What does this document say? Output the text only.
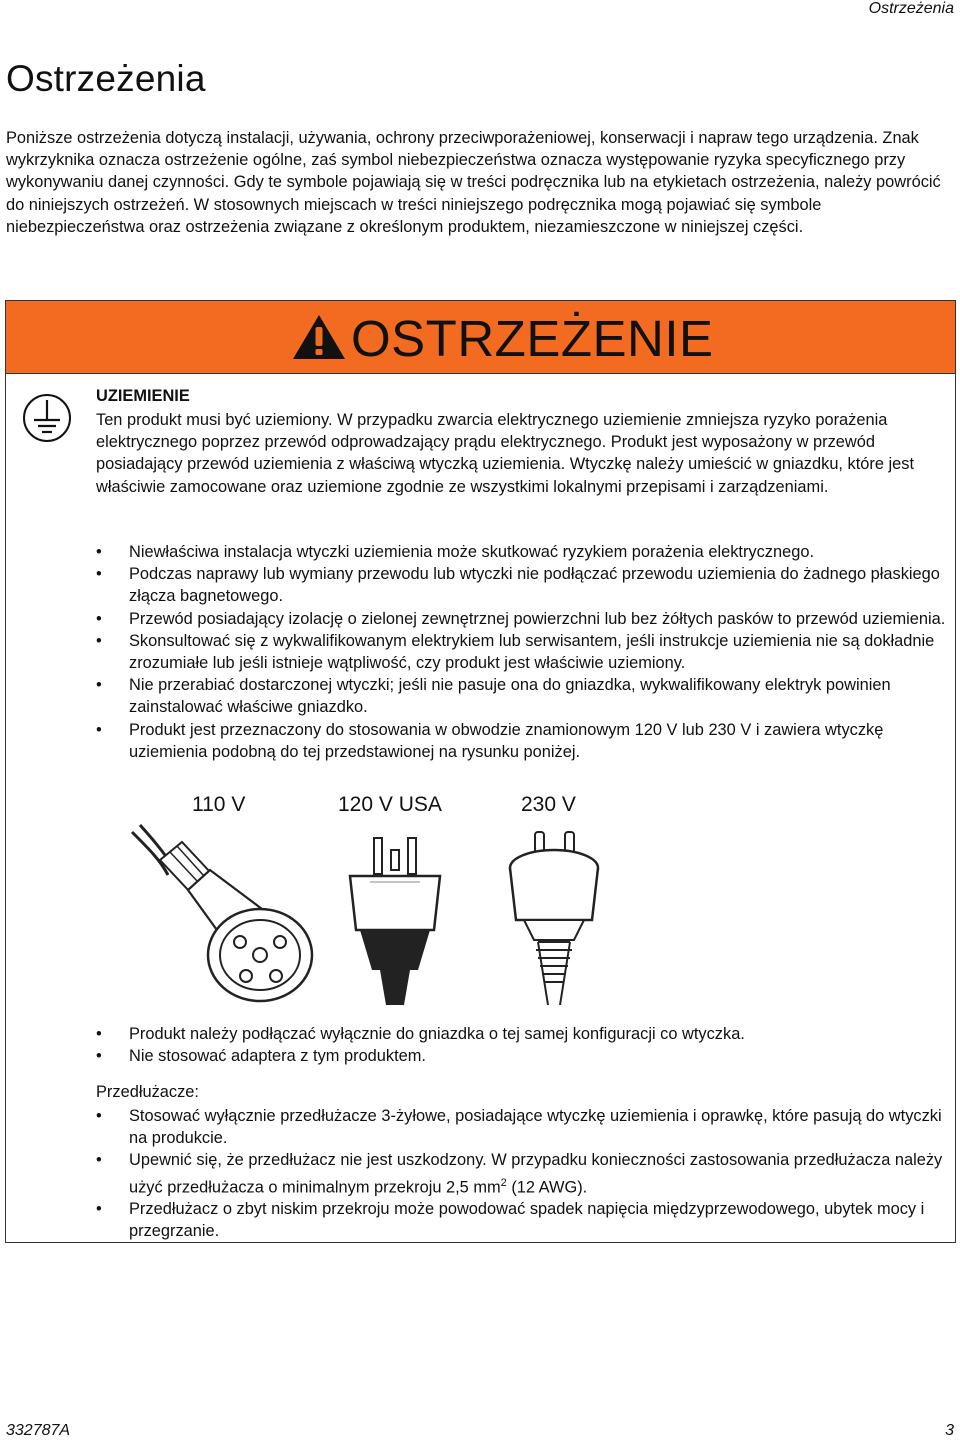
Ostrzeżenia
Ostrzeżenia

Poniższe ostrzeżenia dotyczą instalacji, używania, ochrony przeciwporażeniowej, konserwacji i napraw tego urządzenia. Znak wykrzyknika oznacza ostrzeżenie ogólne, zaś symbol niebezpieczeństwa oznacza występowanie ryzyka specyficznego przy wykonywaniu danej czynności. Gdy te symbole pojawiają się w treści podręcznika lub na etykietach ostrzeżenia, należy powrócić do niniejszych ostrzeżeń. W stosownych miejscach w treści niniejszego podręcznika mogą pojawiać się symbole niebezpieczeństwa oraz ostrzeżenia związane z określonym produktem, niezamieszczone w niniejszej części.

OSTRZEŻENIE
UZIEMIENIE

Ten produkt musi być uziemiony. W przypadku zwarcia elektrycznego uziemienie zmniejsza ryzyko porażenia elektrycznego poprzez przewód odprowadzający prądu elektrycznego. Produkt jest wyposażony w przewód posiadający przewód uziemienia z właściwą wtyczką uziemienia. Wtyczkę należy umieścić w gniazdku, które jest właściwie zamocowane oraz uziemione zgodnie ze wszystkimi lokalnymi przepisami i zarządzeniami.

• Niewłaściwa instalacja wtyczki uziemienia może skutkować ryzykiem porażenia elektrycznego.
• Podczas naprawy lub wymiany przewodu lub wtyczki nie podłączać przewodu uziemienia do żadnego płaskiego złącza bagnetowego.
• Przewód posiadający izolację o zielonej zewnętrznej powierzchni lub bez żółtych pasków to przewód uziemienia.
• Skonsultować się z wykwalifikowanym elektrykiem lub serwisantem, jeśli instrukcje uziemienia nie są dokładnie zrozumiałe lub jeśli istnieje wątpliwość, czy produkt jest właściwie uziemiony.
• Nie przerabiać dostarczonej wtyczki; jeśli nie pasuje ona do gniazdka, wykwalifikowany elektryk powinien zainstalować właściwe gniazdko.
• Produkt jest przeznaczony do stosowania w obwodzie znamionowym 120 V lub 230 V i zawiera wtyczkę uziemienia podobną do tej przedstawionej na rysunku poniżej.
110 V	120 V USA	230 V
• Produkt należy podłączać wyłącznie do gniazdka o tej samej konfiguracji co wtyczka.
• Nie stosować adaptera z tym produktem.
Przedłużacze:
• Stosować wyłącznie przedłużacze 3-żyłowe, posiadające wtyczkę uziemienia i oprawkę, które pasują do wtyczki na produkcie.
• Upewnić się, że przedłużacz nie jest uszkodzony. W przypadku konieczności zastosowania przedłużacza należy użyć przedłużacza o minimalnym przekroju 2,5 $mm^2$ (12 AWG).
• Przedłużacz o zbyt niskim przekroju może powodować spadek napięcia międzyprzewodowego, ubytek mocy i przegrzanie.
332787A	3
